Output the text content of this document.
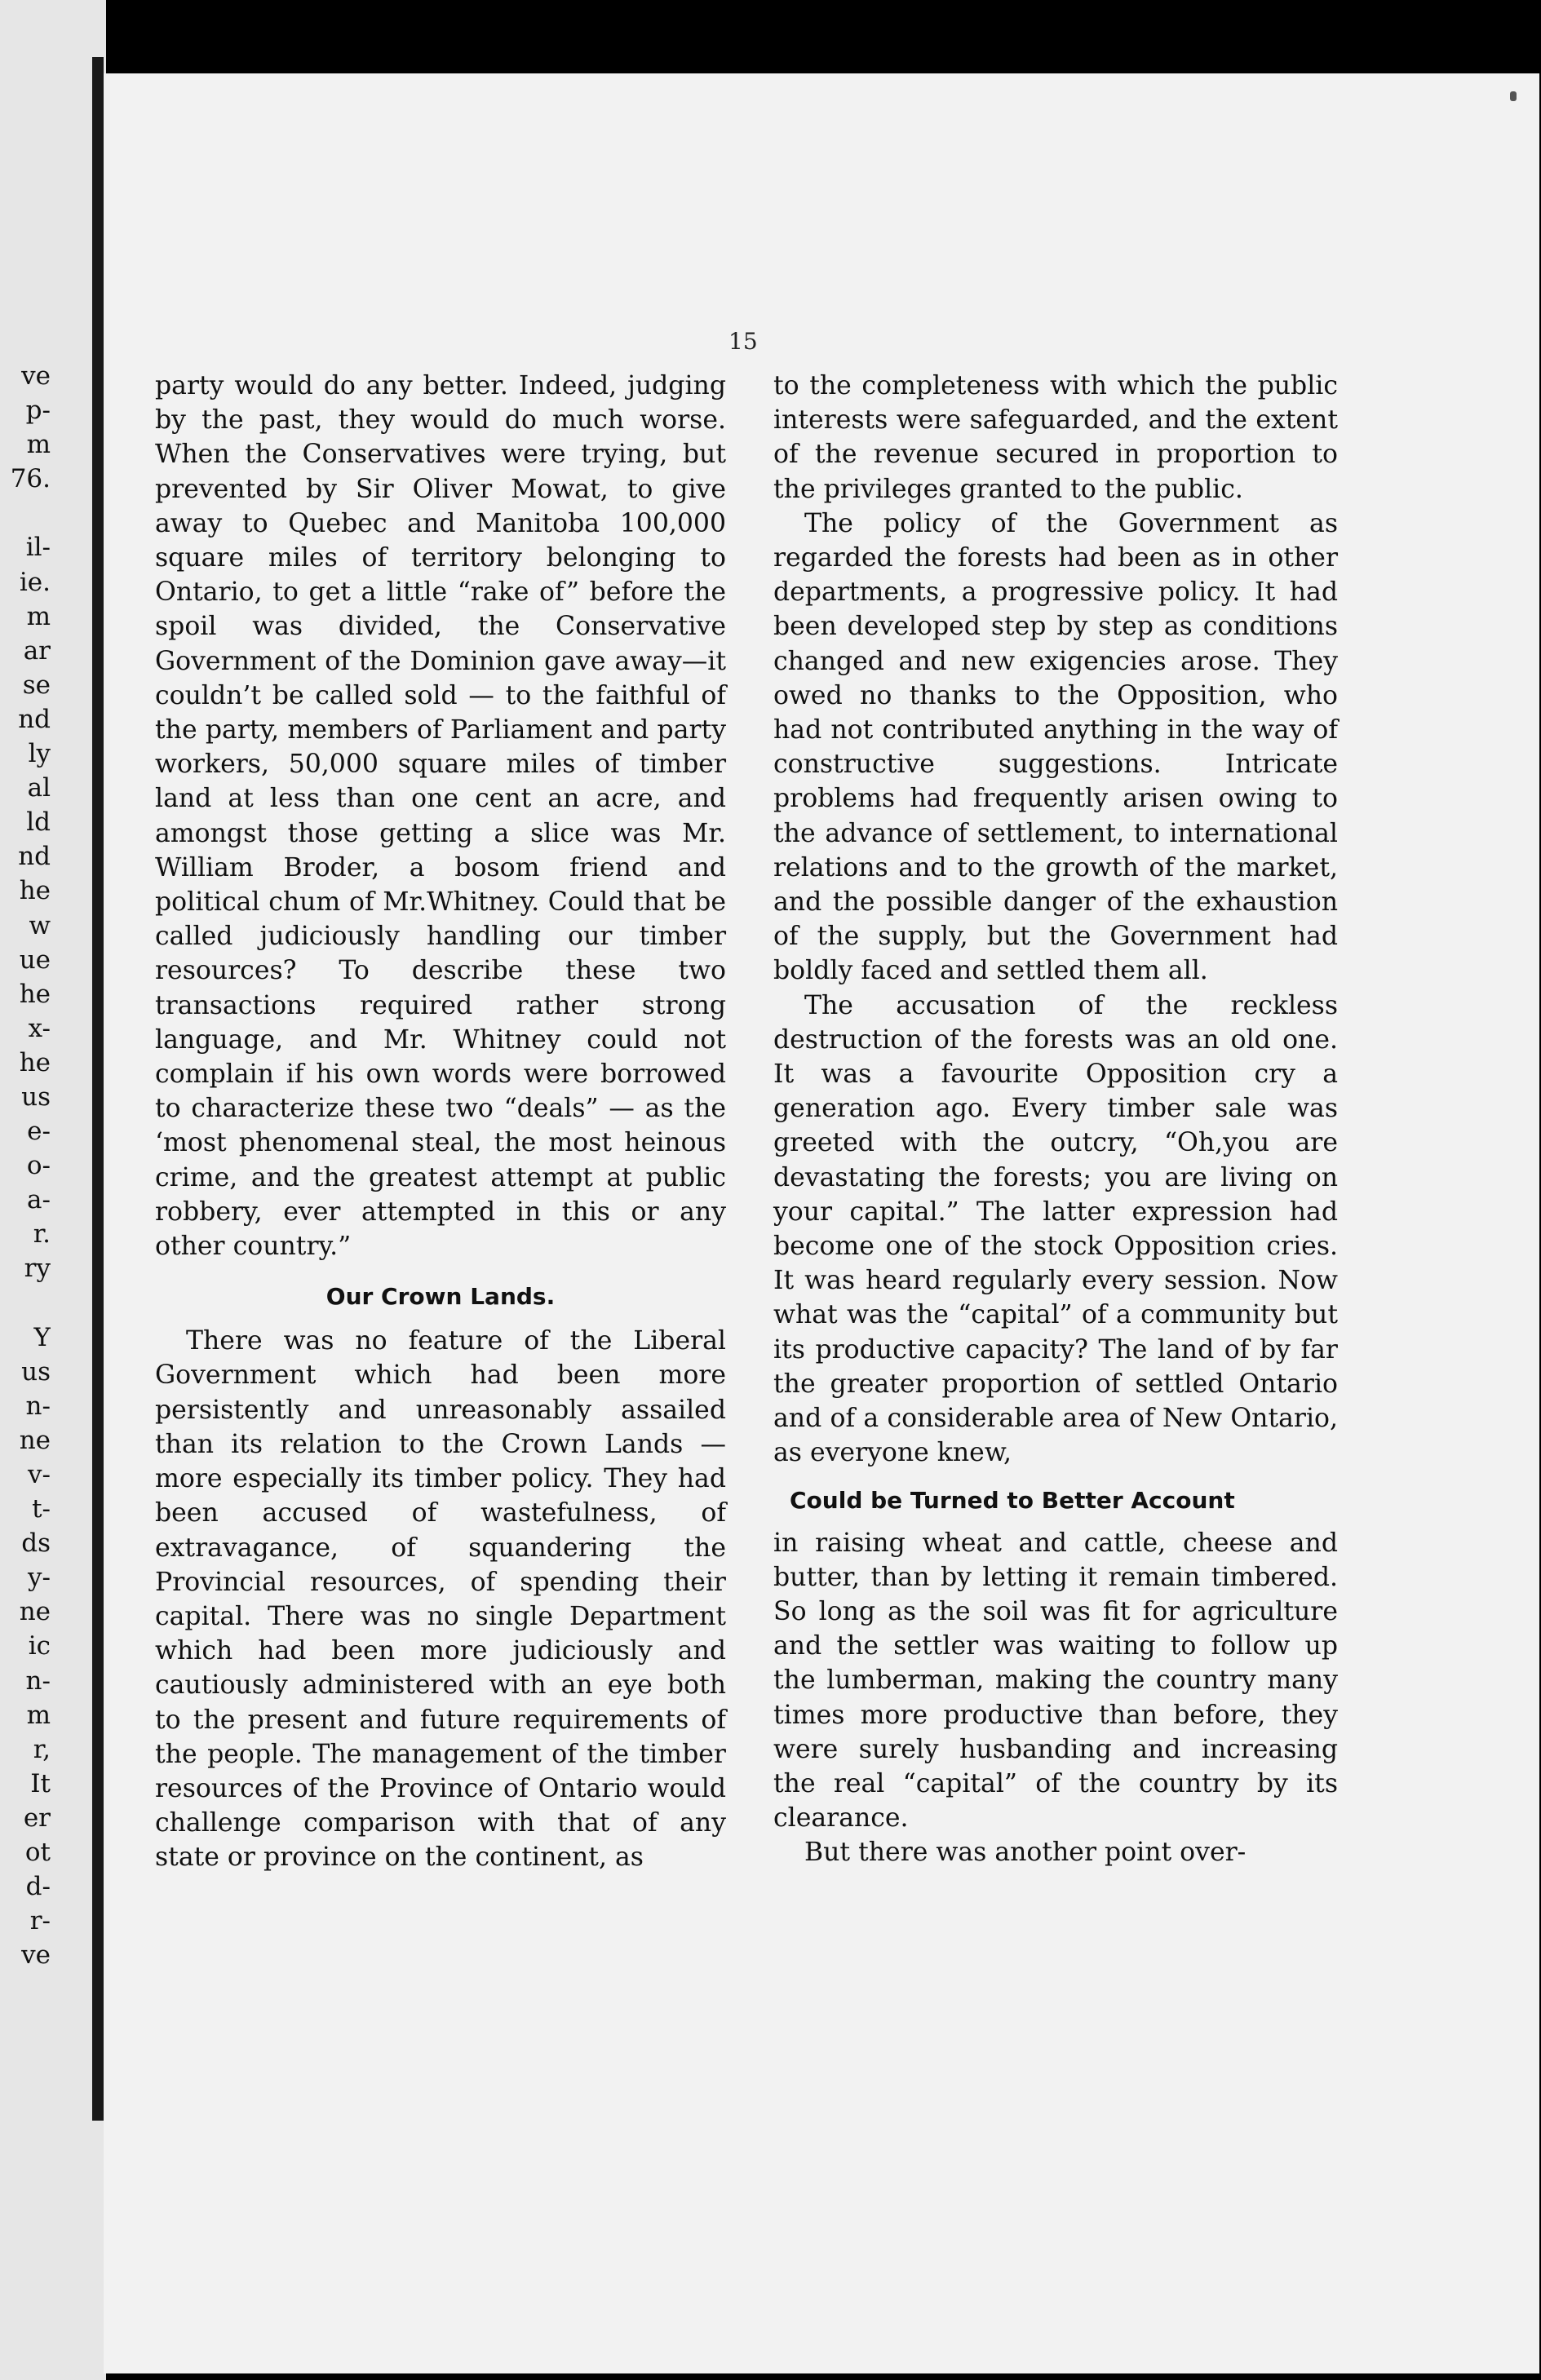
ve
p-
m
76.
il-
ie.
m
ar
se
nd
ly
al
ld
nd
he
w
ue
he
x-
he
us
e-
o-
a-
r.
ry
Y
us
n-
ne
v-
t-
ds
y-
ne
ic
n-
m
r,
It
er
ot
d-
r-
ve
15

party would do any better. Indeed, judging by the past, they would do much worse. When the Conservatives were trying, but prevented by Sir Oliver Mowat, to give away to Quebec and Manitoba 100,000 square miles of territory belonging to Ontario, to get a little “rake of” before the spoil was divided, the Conservative Government of the Dominion gave away—it couldn’t be called sold — to the faithful of the party, members of Parliament and party workers, 50,000 square miles of timber land at less than one cent an acre, and amongst those getting a slice was Mr. William Broder, a bosom friend and political chum of Mr.Whitney. Could that be called judiciously handling our timber resources? To describe these two transactions required rather strong language, and Mr. Whitney could not complain if his own words were borrowed to characterize these two “deals” — as the ‘most phenomenal steal, the most heinous crime, and the greatest attempt at public robbery, ever attempted in this or any other country.”

Our Crown Lands.

There was no feature of the Liberal Government which had been more persistently and unreasonably assailed than its relation to the Crown Lands — more especially its timber policy. They had been accused of wastefulness, of extravagance, of squandering the Provincial resources, of spending their capital. There was no single Department which had been more judiciously and cautiously administered with an eye both to the present and future requirements of the people. The management of the timber resources of the Province of Ontario would challenge comparison with that of any state or province on the continent, as

to the completeness with which the public interests were safeguarded, and the extent of the revenue secured in proportion to the privileges granted to the public.

The policy of the Government as regarded the forests had been as in other departments, a progressive policy. It had been developed step by step as conditions changed and new exigencies arose. They owed no thanks to the Opposition, who had not contributed anything in the way of constructive suggestions. Intricate problems had frequently arisen owing to the advance of settlement, to international relations and to the growth of the market, and the possible danger of the exhaustion of the supply, but the Government had boldly faced and settled them all.

The accusation of the reckless destruction of the forests was an old one. It was a favourite Opposition cry a generation ago. Every timber sale was greeted with the outcry, “Oh,you are devastating the forests; you are living on your capital.” The latter expression had become one of the stock Opposition cries. It was heard regularly every session. Now what was the “capital” of a community but its productive capacity? The land of by far the greater proportion of settled Ontario and of a considerable area of New Ontario, as everyone knew,

Could be Turned to Better Account

in raising wheat and cattle, cheese and butter, than by letting it remain timbered. So long as the soil was fit for agriculture and the settler was waiting to follow up the lumberman, making the country many times more productive than before, they were surely husbanding and increasing the real “capital” of the country by its clearance.

But there was another point over-
